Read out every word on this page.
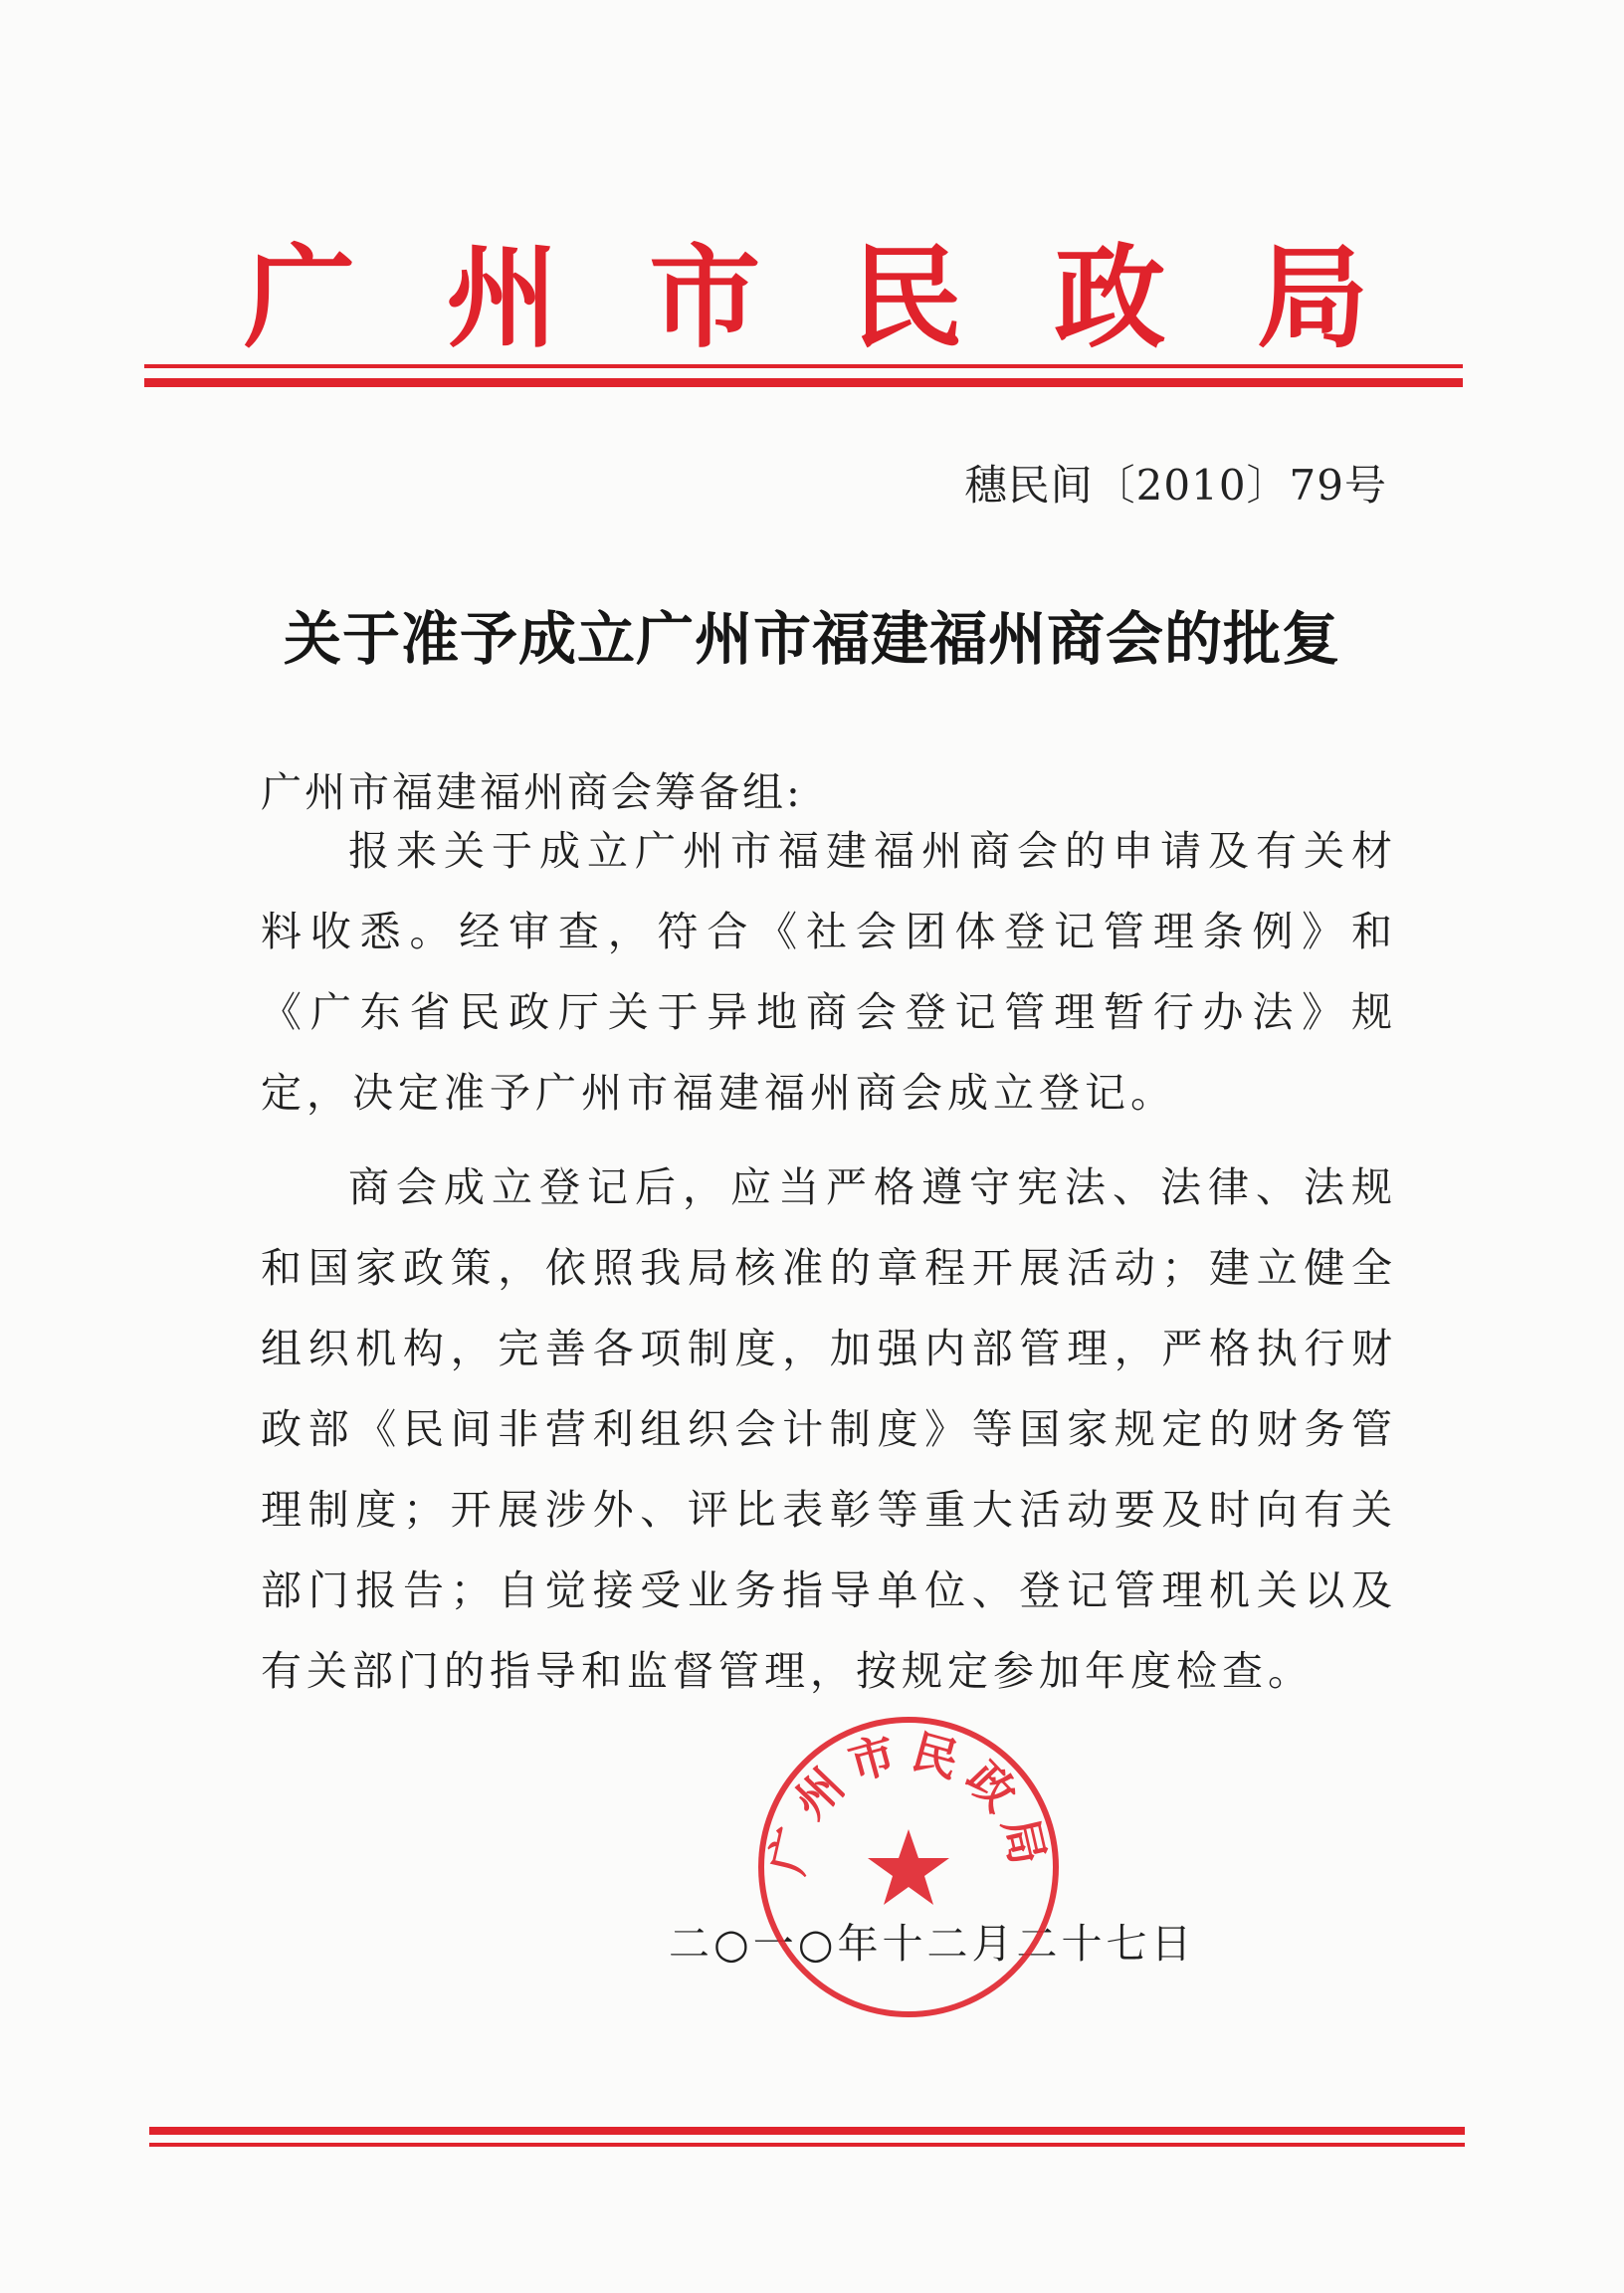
广 州 市 民 政 局
穗民间〔2010〕79号
关于准予成立广州市福建福州商会的批复
广州市福建福州商会筹备组:
报来关于成立广州市福建福州商会的申请及有关材料收悉。经审查，符合《社会团体登记管理条例》和《广东省民政厅关于异地商会登记管理暂行办法》规定，决定准予广州市福建福州商会成立登记。
商会成立登记后，应当严格遵守宪法、法律、法规和国家政策，依照我局核准的章程开展活动；建立健全组织机构，完善各项制度，加强内部管理，严格执行财政部《民间非营利组织会计制度》等国家规定的财务管理制度；开展涉外、评比表彰等重大活动要及时向有关部门报告；自觉接受业务指导单位、登记管理机关以及有关部门的指导和监督管理，按规定参加年度检查。
二○一○年十二月二十七日
广州市民政局
